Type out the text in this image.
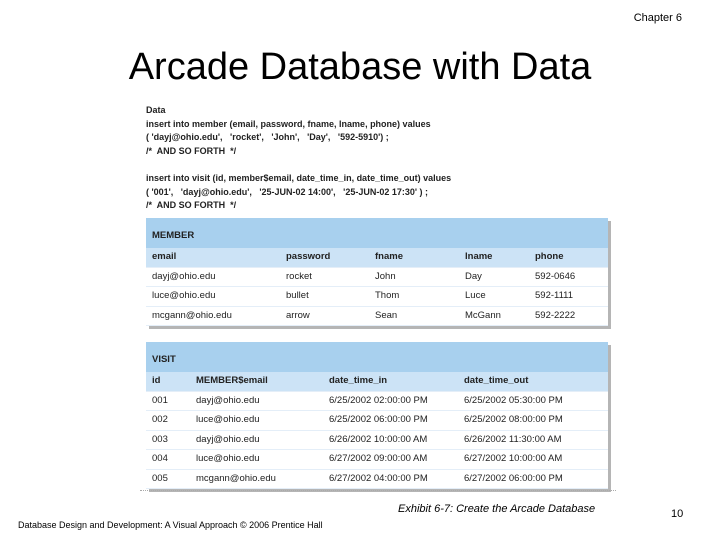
Chapter 6
Arcade Database with Data
Data
insert into member (email, password, fname, lname, phone) values
( 'dayj@ohio.edu',   'rocket',   'John',   'Day',   '592-5910') ;
/*  AND SO FORTH  */
insert into visit (id, member$email, date_time_in, date_time_out) values
( '001',   'dayj@ohio.edu',   '25-JUN-02 14:00',   '25-JUN-02 17:30' ) ;
/*  AND SO FORTH  */
MEMBER
email	password	fname	lname	phone
dayj@ohio.edu	rocket	John	Day	592-0646
luce@ohio.edu	bullet	Thom	Luce	592-1111
mcgann@ohio.edu	arrow	Sean	McGann	592-2222
VISIT
id	MEMBER$email	date_time_in	date_time_out
001	dayj@ohio.edu	6/25/2002 02:00:00 PM	6/25/2002 05:30:00 PM
002	luce@ohio.edu	6/25/2002 06:00:00 PM	6/25/2002 08:00:00 PM
003	dayj@ohio.edu	6/26/2002 10:00:00 AM	6/26/2002 11:30:00 AM
004	luce@ohio.edu	6/27/2002 09:00:00 AM	6/27/2002 10:00:00 AM
005	mcgann@ohio.edu	6/27/2002 04:00:00 PM	6/27/2002 06:00:00 PM
Exhibit 6-7: Create the Arcade Database
Database Design and Development: A Visual Approach © 2006 Prentice Hall
10
